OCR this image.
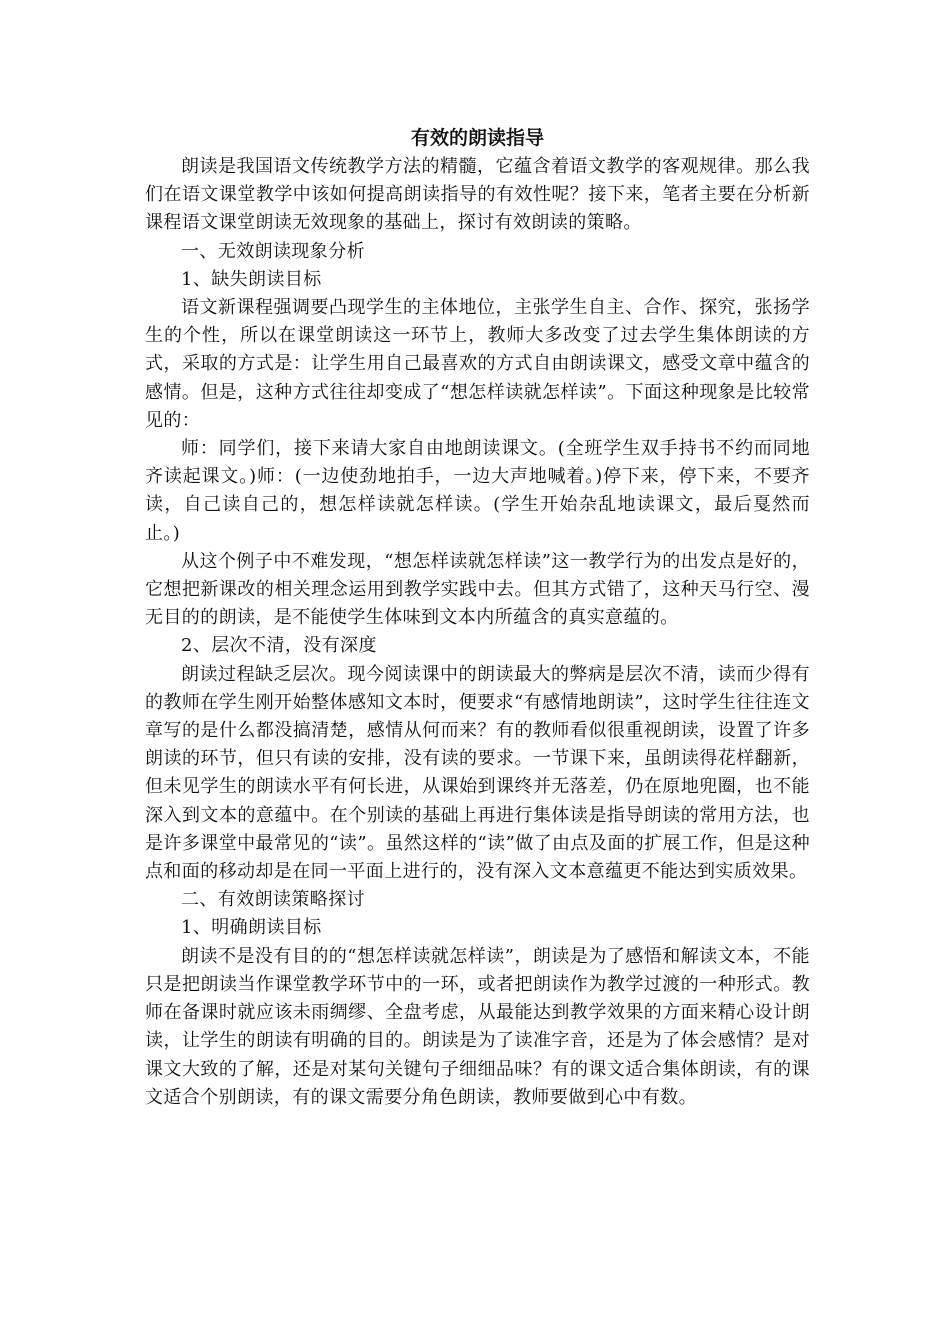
有效的朗读指导

朗读是我国语文传统教学方法的精髓，它蕴含着语文教学的客观规律。那么我们在语文课堂教学中该如何提高朗读指导的有效性呢？接下来，笔者主要在分析新课程语文课堂朗读无效现象的基础上，探讨有效朗读的策略。

一、无效朗读现象分析

1、缺失朗读目标

语文新课程强调要凸现学生的主体地位，主张学生自主、合作、探究，张扬学生的个性，所以在课堂朗读这一环节上，教师大多改变了过去学生集体朗读的方式，采取的方式是：让学生用自己最喜欢的方式自由朗读课文，感受文章中蕴含的感情。但是，这种方式往往却变成了“想怎样读就怎样读”。下面这种现象是比较常见的：

师：同学们，接下来请大家自由地朗读课文。(全班学生双手持书不约而同地齐读起课文。)师：(一边使劲地拍手，一边大声地喊着。)停下来，停下来，不要齐读，自己读自己的，想怎样读就怎样读。(学生开始杂乱地读课文，最后戛然而止。)

从这个例子中不难发现，“想怎样读就怎样读”这一教学行为的出发点是好的，它想把新课改的相关理念运用到教学实践中去。但其方式错了，这种天马行空、漫无目的的朗读，是不能使学生体味到文本内所蕴含的真实意蕴的。

2、层次不清，没有深度

朗读过程缺乏层次。现今阅读课中的朗读最大的弊病是层次不清，读而少得有的教师在学生刚开始整体感知文本时，便要求“有感情地朗读”，这时学生往往连文章写的是什么都没搞清楚，感情从何而来？有的教师看似很重视朗读，设置了许多朗读的环节，但只有读的安排，没有读的要求。一节课下来，虽朗读得花样翻新，但未见学生的朗读水平有何长进，从课始到课终并无落差，仍在原地兜圈，也不能深入到文本的意蕴中。在个别读的基础上再进行集体读是指导朗读的常用方法，也是许多课堂中最常见的“读”。虽然这样的“读”做了由点及面的扩展工作，但是这种点和面的移动却是在同一平面上进行的，没有深入文本意蕴更不能达到实质效果。

二、有效朗读策略探讨

1、明确朗读目标

朗读不是没有目的的“想怎样读就怎样读”，朗读是为了感悟和解读文本，不能只是把朗读当作课堂教学环节中的一环，或者把朗读作为教学过渡的一种形式。教师在备课时就应该未雨绸缪、全盘考虑，从最能达到教学效果的方面来精心设计朗读，让学生的朗读有明确的目的。朗读是为了读准字音，还是为了体会感情？是对课文大致的了解，还是对某句关键句子细细品味？有的课文适合集体朗读，有的课文适合个别朗读，有的课文需要分角色朗读，教师要做到心中有数。
